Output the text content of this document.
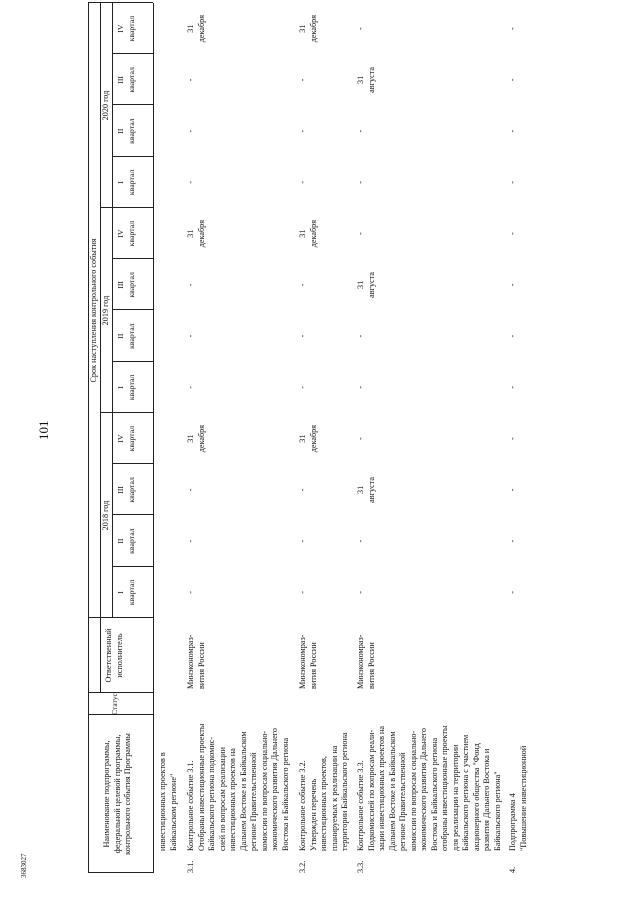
101
3683027
Наименование подпрограммы,
федеральной целевой программы,
контрольного события Программы
Статус
Ответственный
исполнитель
Срок наступления контрольного события
2018 год
2019 год
2020 год
I
квартал
II
квартал
III
квартал
IV
квартал
I
квартал
II
квартал
III
квартал
IV
квартал
I
квартал
II
квартал
III
квартал
IV
квартал
инвестиционных проектов в
Байкальском регионе"
3.1.
Контрольное событие 3.1.
Отобраны инвестиционные проекты
Байкальского региона подкомис-
сией по вопросам реализации
инвестиционных проектов на
Дальнем Востоке и в Байкальском
регионе Правительственной
комиссии по вопросам социально-
экономического развития Дальнего
Востока и Байкальского региона
Минэкономраз-
вития России
-
-
-
31
декабря
-
-
-
31
декабря
-
-
-
31
декабря
3.2.
Контрольное событие 3.2.
Утвержден перечень
инвестиционных проектов,
планируемых к реализации на
территории Байкальского региона
Минэкономраз-
вития России
-
-
-
31
декабря
-
-
-
31
декабря
-
-
-
31
декабря
3.3.
Контрольное событие 3.3.
Подкомиссией по вопросам реали-
зации инвестиционных проектов на
Дальнем Востоке и в Байкальском
регионе Правительственной
комиссии по вопросам социально-
экономического развития Дальнего
Востока и Байкальского региона
отобраны инвестиционные проекты
для реализации на территории
Байкальского региона с участием
акционерного общества "Фонд
развития Дальнего Востока и
Байкальского региона"
Минэкономраз-
вития России
-
-
31
августа
-
-
-
31
августа
-
-
-
31
августа
-
4.
Подпрограмма 4
"Повышение инвестиционной
-
-
-
-
-
-
-
-
-
-
-
-
